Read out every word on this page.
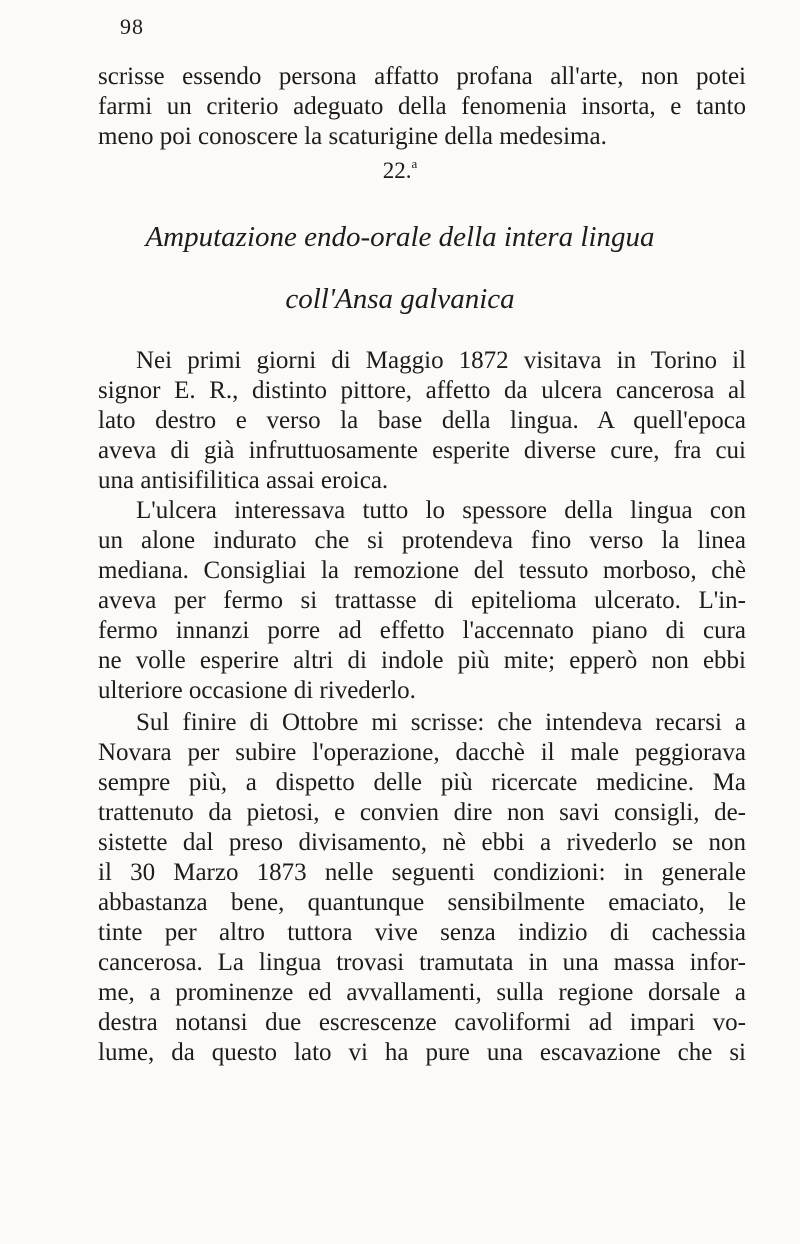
98
scrisse essendo persona affatto profana all'arte, non potei
farmi un criterio adeguato della fenomenia insorta, e tanto
meno poi conoscere la scaturigine della medesima.
22.$^a$
Amputazione endo-orale della intera lingua
coll'Ansa galvanica
Nei primi giorni di Maggio 1872 visitava in Torino il
signor E. R., distinto pittore, affetto da ulcera cancerosa al
lato destro e verso la base della lingua. A quell'epoca
aveva di già infruttuosamente esperite diverse cure, fra cui
una antisifilitica assai eroica.
L'ulcera interessava tutto lo spessore della lingua con
un alone indurato che si protendeva fino verso la linea
mediana. Consigliai la remozione del tessuto morboso, chè
aveva per fermo si trattasse di epitelioma ulcerato. L'in-
fermo innanzi porre ad effetto l'accennato piano di cura
ne volle esperire altri di indole più mite; epperò non ebbi
ulteriore occasione di rivederlo.
Sul finire di Ottobre mi scrisse: che intendeva recarsi a
Novara per subire l'operazione, dacchè il male peggiorava
sempre più, a dispetto delle più ricercate medicine. Ma
trattenuto da pietosi, e convien dire non savi consigli, de-
sistette dal preso divisamento, nè ebbi a rivederlo se non
il 30 Marzo 1873 nelle seguenti condizioni: in generale
abbastanza bene, quantunque sensibilmente emaciato, le
tinte per altro tuttora vive senza indizio di cachessia
cancerosa. La lingua trovasi tramutata in una massa infor-
me, a prominenze ed avvallamenti, sulla regione dorsale a
destra notansi due escrescenze cavoliformi ad impari vo-
lume, da questo lato vi ha pure una escavazione che si
